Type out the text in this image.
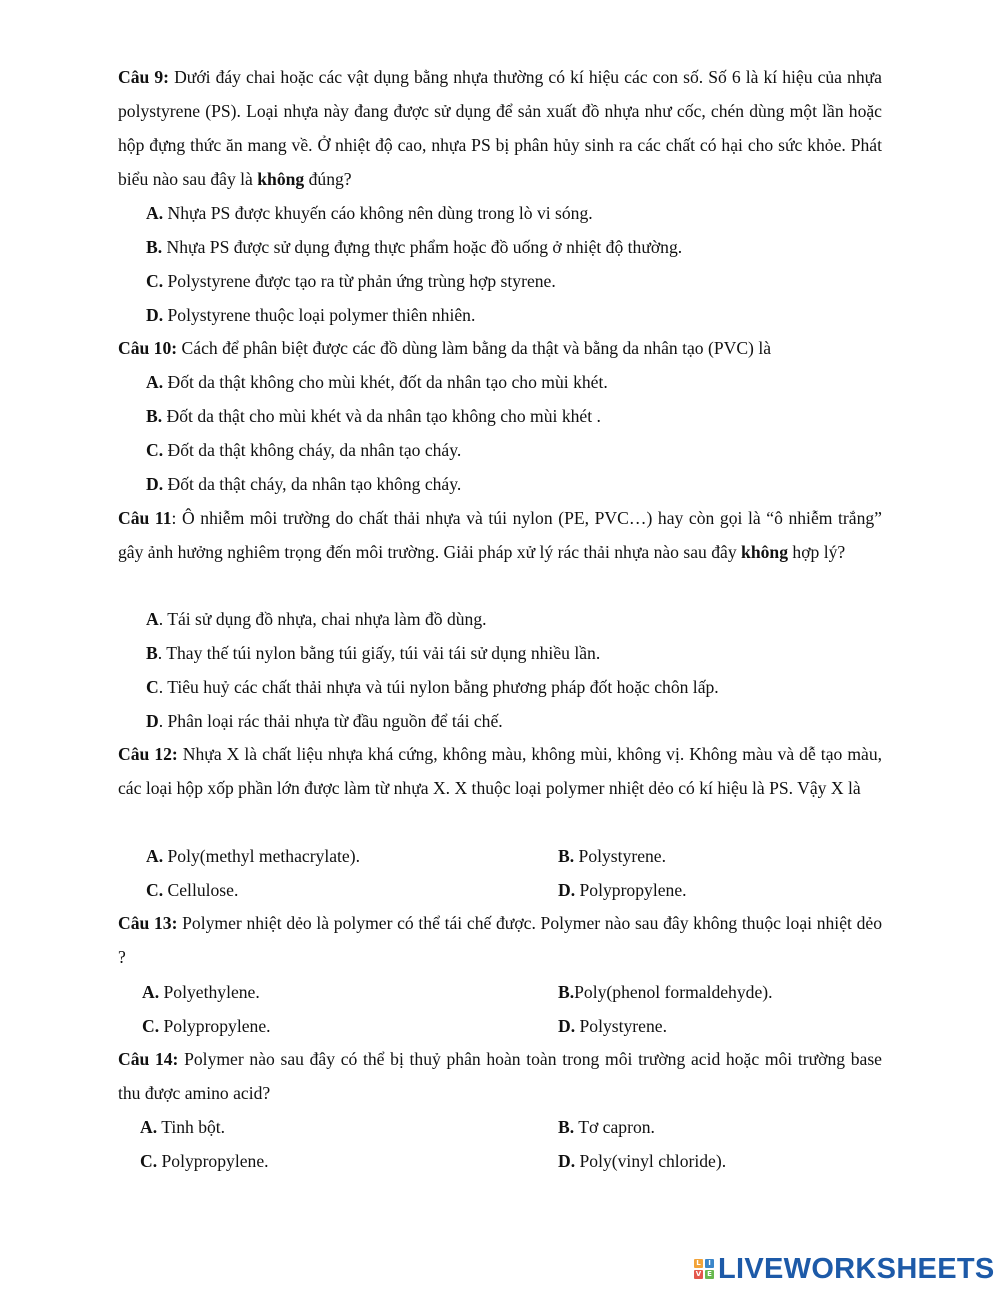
Câu 9: Dưới đáy chai hoặc các vật dụng bằng nhựa thường có kí hiệu các con số. Số 6 là kí hiệu của nhựa polystyrene (PS). Loại nhựa này đang được sử dụng để sản xuất đồ nhựa như cốc, chén dùng một lần hoặc hộp đựng thức ăn mang về. Ở nhiệt độ cao, nhựa PS bị phân hủy sinh ra các chất có hại cho sức khỏe. Phát biểu nào sau đây là không đúng?
A. Nhựa PS được khuyến cáo không nên dùng trong lò vi sóng.
B. Nhựa PS được sử dụng đựng thực phẩm hoặc đồ uống ở nhiệt độ thường.
C. Polystyrene được tạo ra từ phản ứng trùng hợp styrene.
D. Polystyrene thuộc loại polymer thiên nhiên.
Câu 10: Cách để phân biệt được các đồ dùng làm bằng da thật và bằng da nhân tạo (PVC) là
A. Đốt da thật không cho mùi khét, đốt da nhân tạo cho mùi khét.
B. Đốt da thật cho mùi khét và da nhân tạo không cho mùi khét .
C. Đốt da thật không cháy, da nhân tạo cháy.
D. Đốt da thật cháy, da nhân tạo không cháy.
Câu 11: Ô nhiễm môi trường do chất thải nhựa và túi nylon (PE, PVC…) hay còn gọi là “ô nhiễm trắng” gây ảnh hưởng nghiêm trọng đến môi trường. Giải pháp xử lý rác thải nhựa nào sau đây không hợp lý?
A. Tái sử dụng đồ nhựa, chai nhựa làm đồ dùng.
B. Thay thế túi nylon bằng túi giấy, túi vải tái sử dụng nhiều lần.
C. Tiêu huỷ các chất thải nhựa và túi nylon bằng phương pháp đốt hoặc chôn lấp.
D. Phân loại rác thải nhựa từ đầu nguồn để tái chế.
Câu 12: Nhựa X là chất liệu nhựa khá cứng, không màu, không mùi, không vị. Không màu và dễ tạo màu, các loại hộp xốp phần lớn được làm từ nhựa X. X thuộc loại polymer nhiệt dẻo có kí hiệu là PS. Vậy X là
A. Poly(methyl methacrylate).	B. Polystyrene.
C. Cellulose.	D. Polypropylene.
Câu 13: Polymer nhiệt dẻo là polymer có thể tái chế được. Polymer nào sau đây không thuộc loại nhiệt dẻo ?
A. Polyethylene.	B.Poly(phenol formaldehyde).
C. Polypropylene.	D. Polystyrene.
Câu 14: Polymer nào sau đây có thể bị thuỷ phân hoàn toàn trong môi trường acid hoặc môi trường base thu được amino acid?
A. Tinh bột.	B. Tơ capron.
C. Polypropylene.	D. Poly(vinyl chloride).
L	I
V E LIVEWORKSHEETS
